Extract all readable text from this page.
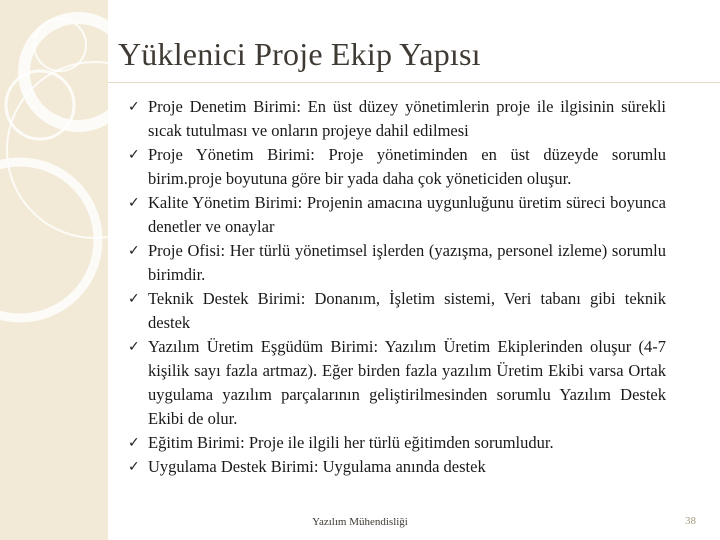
Yüklenici Proje Ekip Yapısı
✓ Proje Denetim Birimi: En üst düzey yönetimlerin proje ile ilgisinin sürekli sıcak tutulması ve onların projeye dahil edilmesi
✓ Proje Yönetim Birimi: Proje yönetiminden en üst düzeyde sorumlu birim.proje boyutuna göre bir yada daha çok yöneticiden oluşur.
✓ Kalite Yönetim Birimi: Projenin amacına uygunluğunu üretim süreci boyunca denetler ve onaylar
✓ Proje Ofisi: Her türlü yönetimsel işlerden (yazışma, personel izleme) sorumlu birimdir.
✓ Teknik Destek Birimi: Donanım, İşletim sistemi, Veri tabanı gibi teknik destek
✓ Yazılım Üretim Eşgüdüm Birimi: Yazılım Üretim Ekiplerinden oluşur (4-7 kişilik sayı fazla artmaz). Eğer birden fazla yazılım Üretim Ekibi varsa Ortak uygulama yazılım parçalarının geliştirilmesinden sorumlu Yazılım Destek Ekibi de olur.
✓ Eğitim Birimi: Proje ile ilgili her türlü eğitimden sorumludur.
✓ Uygulama Destek Birimi: Uygulama anında destek
Yazılım Mühendisliği	38
